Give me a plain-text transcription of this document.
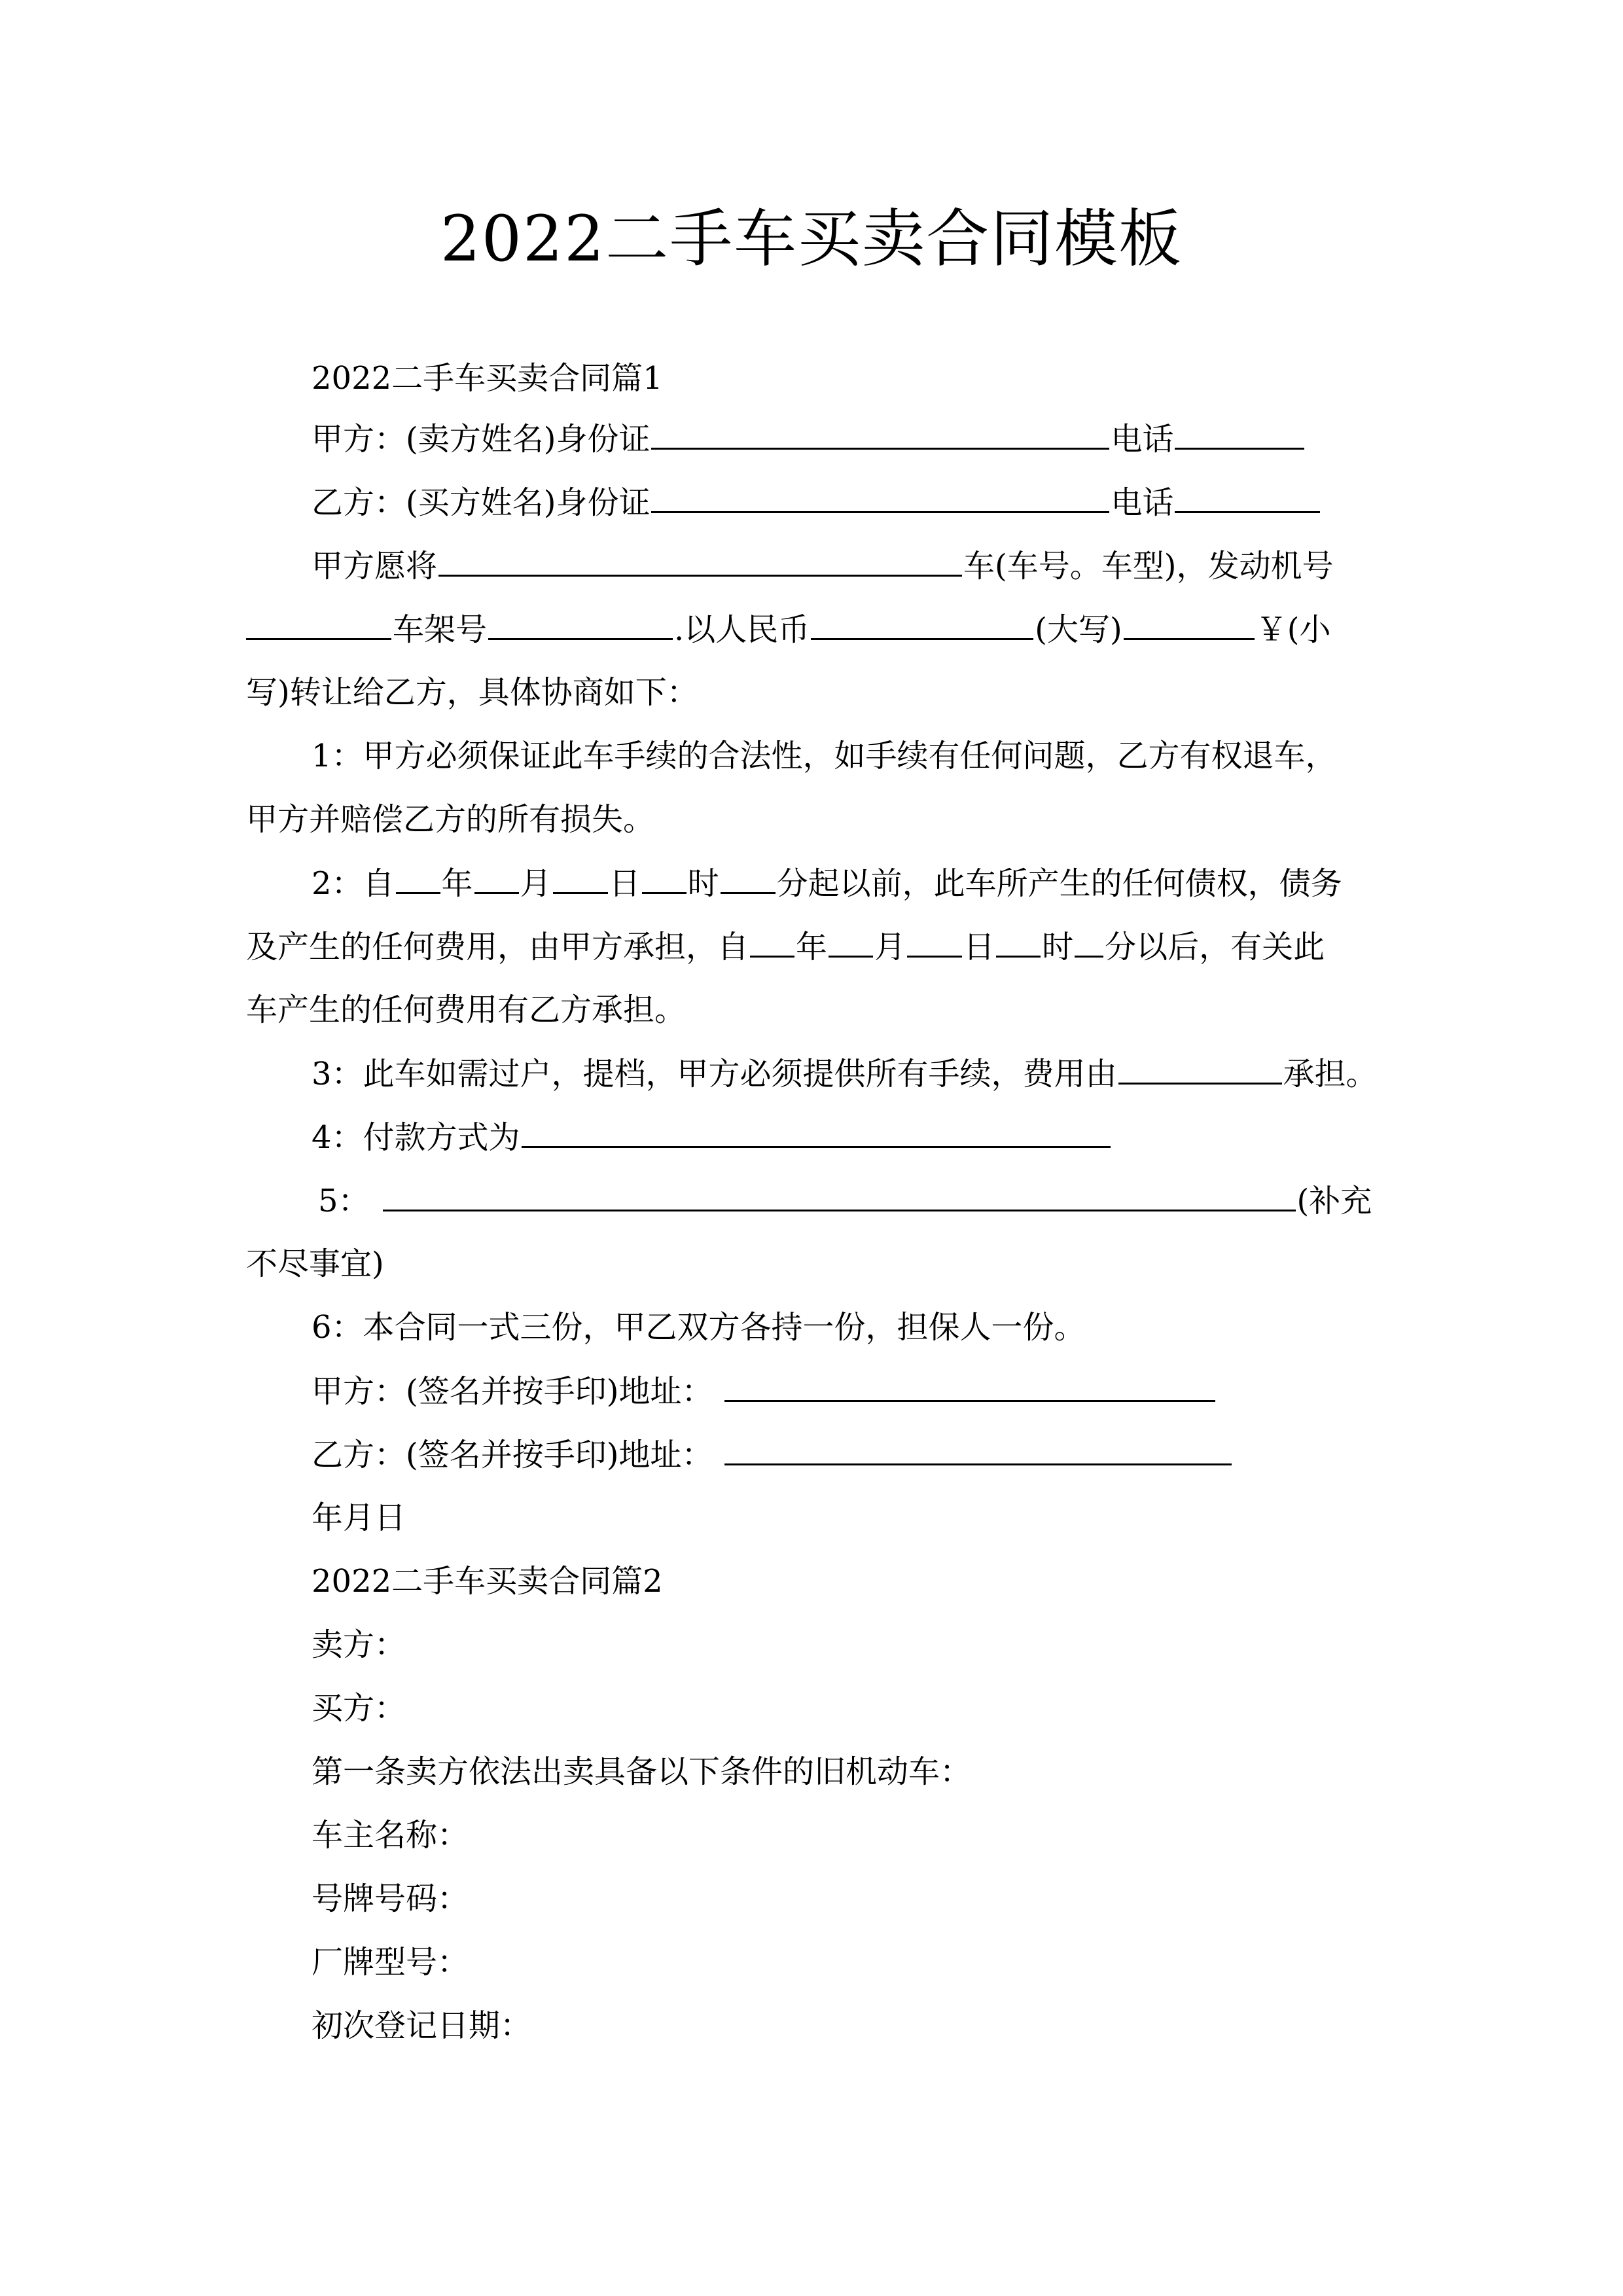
2022二手车买卖合同模板
2022二手车买卖合同篇1
甲方：(卖方姓名)身份证	电话
乙方：(买方姓名)身份证	电话
甲方愿将	车(车号。车型)，发动机号
车架号	.以人民币	(大写)	￥(小
写)转让给乙方，具体协商如下：
1：甲方必须保证此车手续的合法性，如手续有任何问题，乙方有权退车，
甲方并赔偿乙方的所有损失。
2：自 年 月 日 时 分起以前，此车所产生的任何债权，债务
及产生的任何费用，由甲方承担，自 年 月 日 时 分以后，有关此
车产生的任何费用有乙方承担。
3：此车如需过户，提档，甲方必须提供所有手续，费用由	承担。
4：付款方式为
5：	(补充
不尽事宜)
6：本合同一式三份，甲乙双方各持一份，担保人一份。
甲方：(签名并按手印)地址：
乙方：(签名并按手印)地址：
年月日
2022二手车买卖合同篇2
卖方：
买方：
第一条卖方依法出卖具备以下条件的旧机动车：
车主名称：
号牌号码：
厂牌型号：
初次登记日期：
